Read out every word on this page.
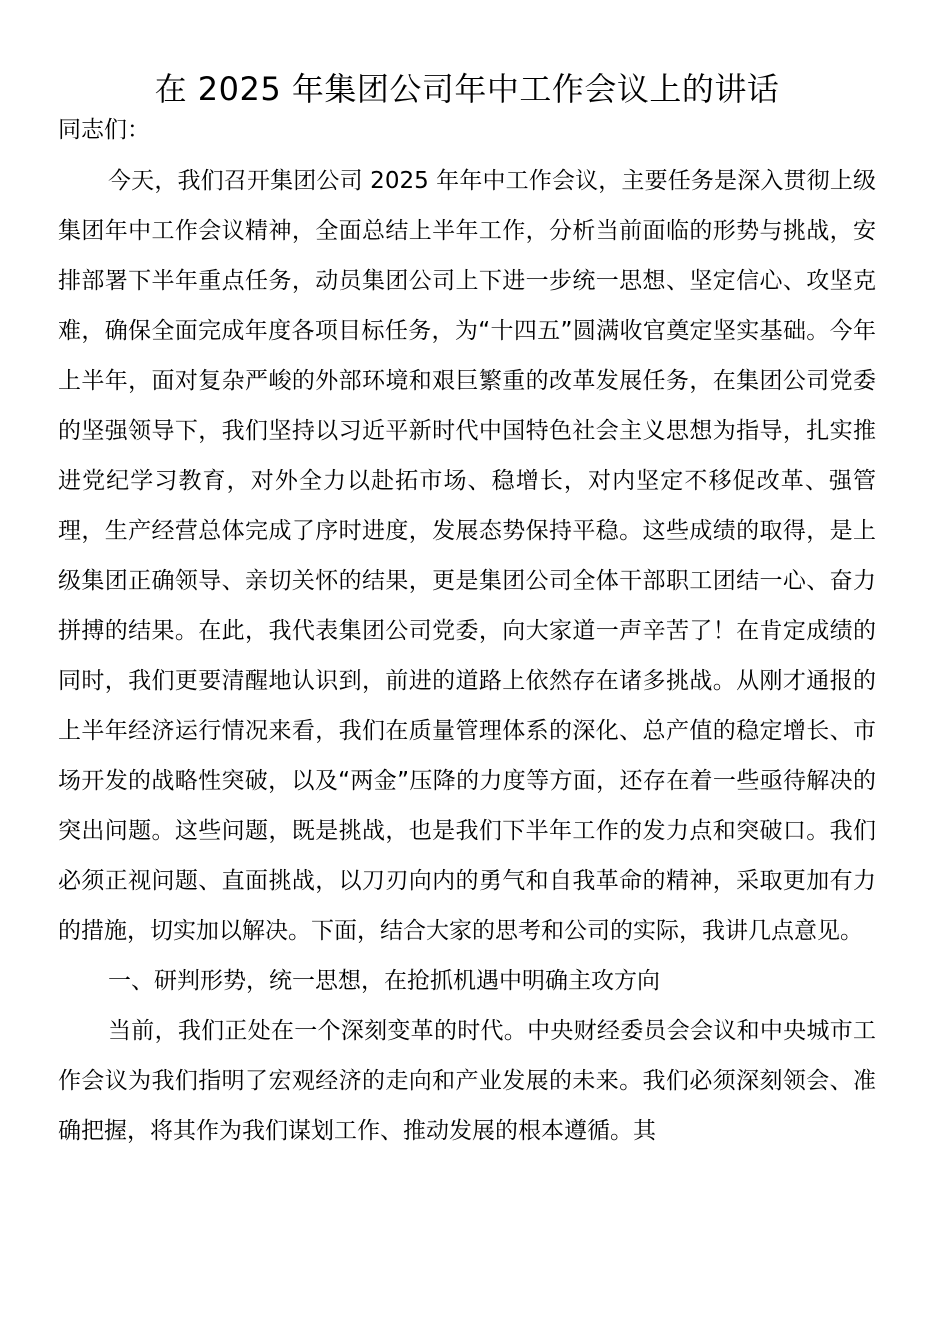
在 2025 年集团公司年中工作会议上的讲话

同志们：

今天，我们召开集团公司 2025 年年中工作会议，主要任务是深入贯彻上级集团年中工作会议精神，全面总结上半年工作，分析当前面临的形势与挑战，安排部署下半年重点任务，动员集团公司上下进一步统一思想、坚定信心、攻坚克难，确保全面完成年度各项目标任务，为“十四五”圆满收官奠定坚实基础。今年上半年，面对复杂严峻的外部环境和艰巨繁重的改革发展任务，在集团公司党委的坚强领导下，我们坚持以习近平新时代中国特色社会主义思想为指导，扎实推进党纪学习教育，对外全力以赴拓市场、稳增长，对内坚定不移促改革、强管理，生产经营总体完成了序时进度，发展态势保持平稳。这些成绩的取得，是上级集团正确领导、亲切关怀的结果，更是集团公司全体干部职工团结一心、奋力拼搏的结果。在此，我代表集团公司党委，向大家道一声辛苦了！在肯定成绩的同时，我们更要清醒地认识到，前进的道路上依然存在诸多挑战。从刚才通报的上半年经济运行情况来看，我们在质量管理体系的深化、总产值的稳定增长、市场开发的战略性突破，以及“两金”压降的力度等方面，还存在着一些亟待解决的突出问题。这些问题，既是挑战，也是我们下半年工作的发力点和突破口。我们必须正视问题、直面挑战，以刀刃向内的勇气和自我革命的精神，采取更加有力的措施，切实加以解决。下面，结合大家的思考和公司的实际，我讲几点意见。

一、研判形势，统一思想，在抢抓机遇中明确主攻方向

当前，我们正处在一个深刻变革的时代。中央财经委员会会议和中央城市工作会议为我们指明了宏观经济的走向和产业发展的未来。我们必须深刻领会、准确把握，将其作为我们谋划工作、推动发展的根本遵循。其
